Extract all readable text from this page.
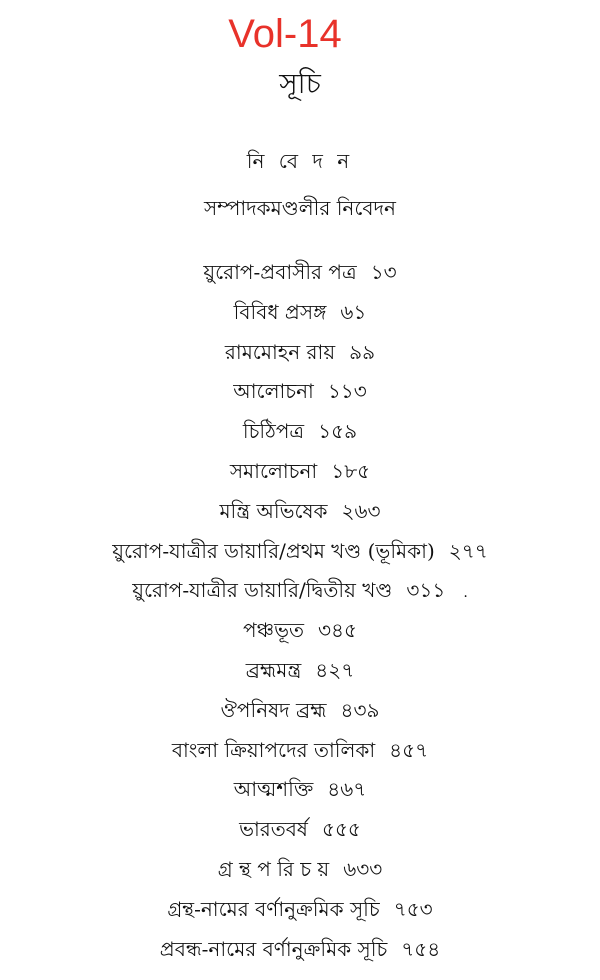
Vol-14
সূচি
নি বে দ ন
সম্পাদকমণ্ডলীর নিবেদন
য়ুরোপ-প্রবাসীর পত্র ১৩
বিবিধ প্রসঙ্গ ৬১
রামমোহন রায় ৯৯
আলোচনা ১১৩
চিঠিপত্র ১৫৯
সমালোচনা ১৮৫
মন্ত্রি অভিষেক ২৬৩
য়ুরোপ-যাত্রীর ডায়ারি/প্রথম খণ্ড (ভূমিকা) ২৭৭
য়ুরোপ-যাত্রীর ডায়ারি/দ্বিতীয় খণ্ড ৩১১ .
পঞ্চভূত ৩৪৫
ব্রহ্মমন্ত্র ৪২৭
ঔপনিষদ ব্রহ্ম ৪৩৯
বাংলা ক্রিয়াপদের তালিকা ৪৫৭
আত্মশক্তি ৪৬৭
ভারতবর্ষ ৫৫৫
গ্র ন্থ প রি চ য় ৬৩৩
গ্রন্থ-নামের বর্ণানুক্রমিক সূচি ৭৫৩
প্রবন্ধ-নামের বর্ণানুক্রমিক সূচি ৭৫৪
